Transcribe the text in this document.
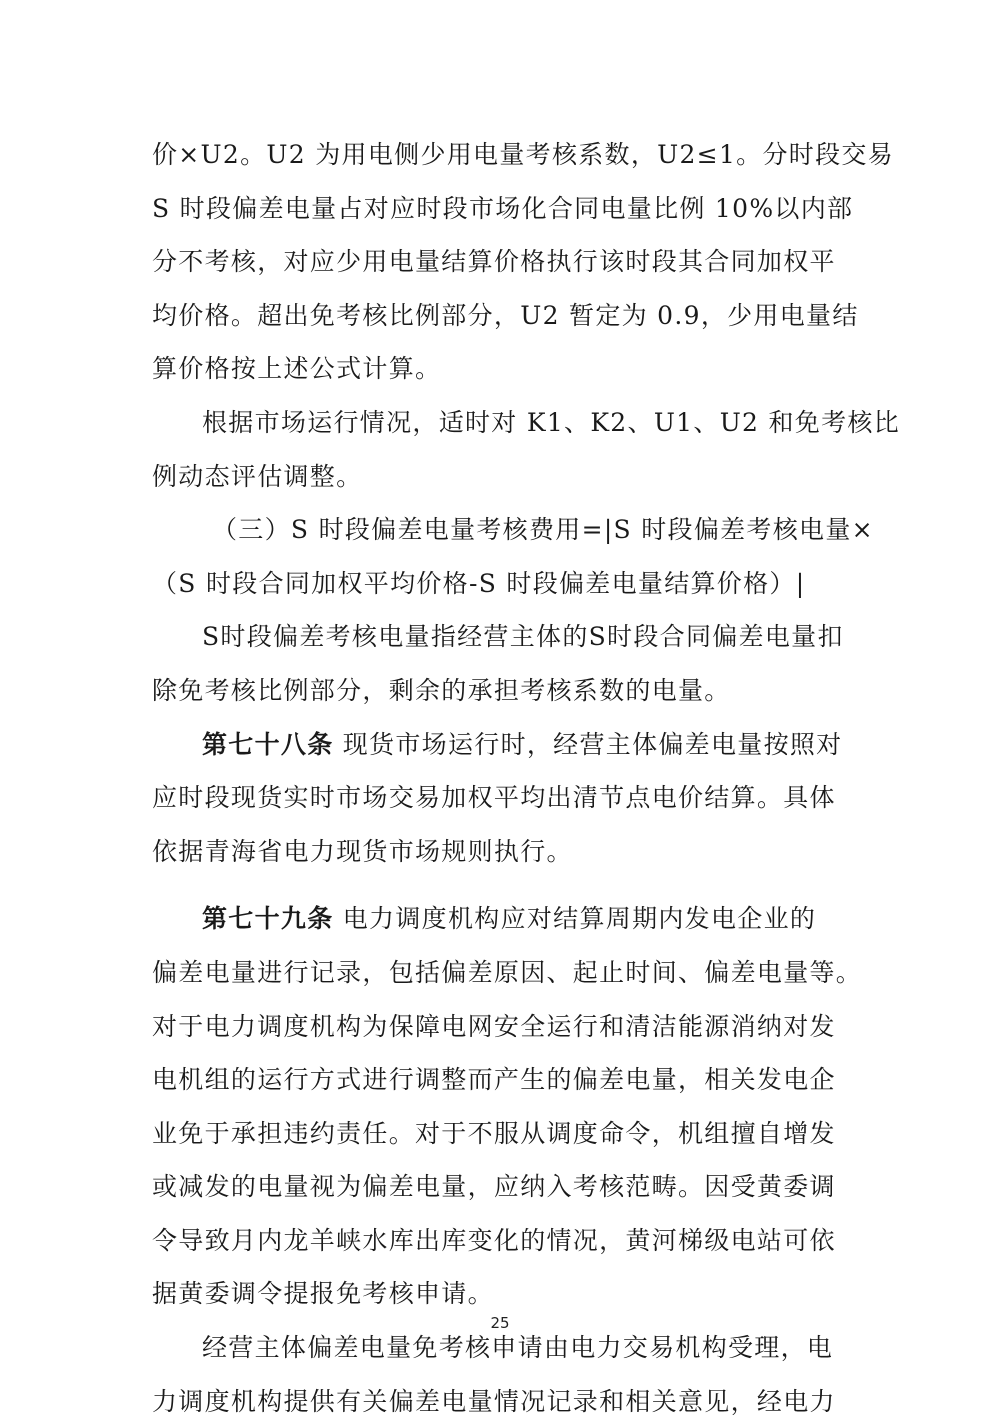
价×U2。U2 为用电侧少用电量考核系数，U2≤1。分时段交易
S 时段偏差电量占对应时段市场化合同电量比例 10%以内部
分不考核，对应少用电量结算价格执行该时段其合同加权平
均价格。超出免考核比例部分，U2 暂定为 0.9，少用电量结
算价格按上述公式计算。
根据市场运行情况，适时对 K1、K2、U1、U2 和免考核比
例动态评估调整。
（三）S 时段偏差电量考核费用=|S 时段偏差考核电量×
（S 时段合同加权平均价格-S 时段偏差电量结算价格）|
S时段偏差考核电量指经营主体的S时段合同偏差电量扣
除免考核比例部分，剩余的承担考核系数的电量。
第七十八条 现货市场运行时，经营主体偏差电量按照对
应时段现货实时市场交易加权平均出清节点电价结算。具体
依据青海省电力现货市场规则执行。
第七十九条 电力调度机构应对结算周期内发电企业的
偏差电量进行记录，包括偏差原因、起止时间、偏差电量等。
对于电力调度机构为保障电网安全运行和清洁能源消纳对发
电机组的运行方式进行调整而产生的偏差电量，相关发电企
业免于承担违约责任。对于不服从调度命令，机组擅自增发
或减发的电量视为偏差电量，应纳入考核范畴。因受黄委调
令导致月内龙羊峡水库出库变化的情况，黄河梯级电站可依
据黄委调令提报免考核申请。
经营主体偏差电量免考核申请由电力交易机构受理，电
力调度机构提供有关偏差电量情况记录和相关意见，经电力
25
